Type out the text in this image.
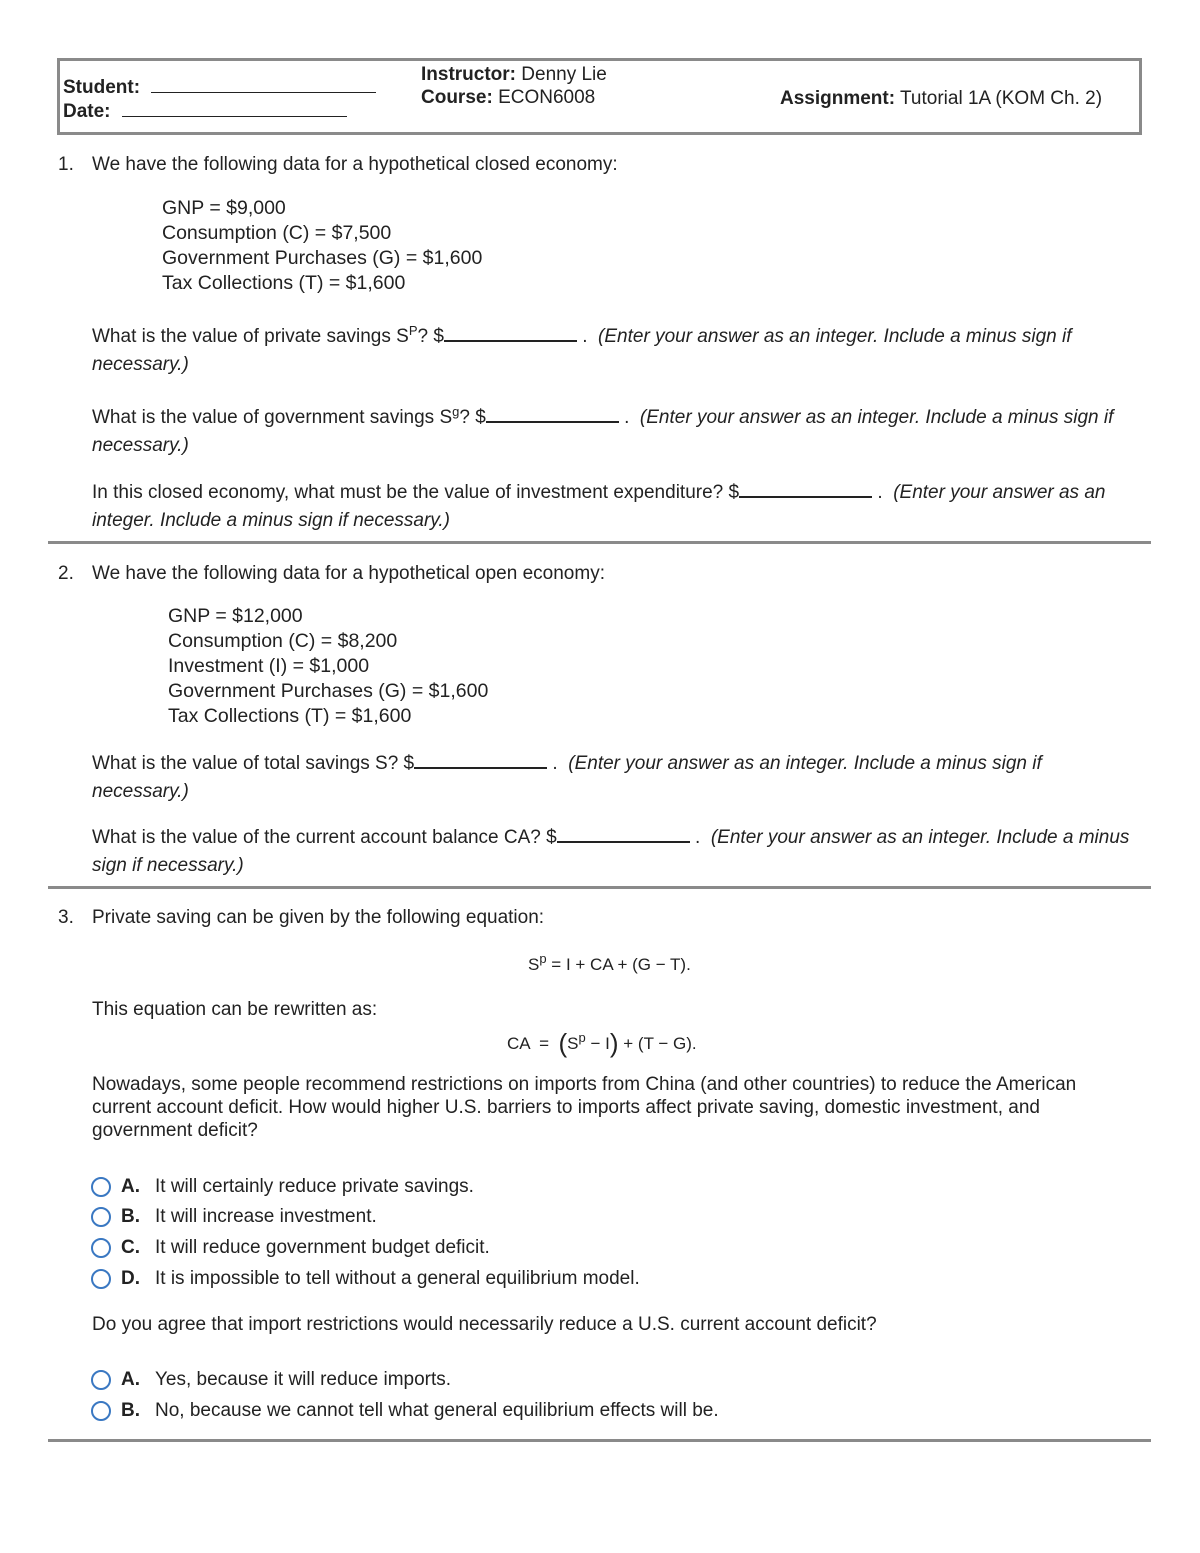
Student:
Date:
Instructor: Denny Lie
Course: ECON6008	Assignment: Tutorial 1A (KOM Ch. 2)
1. We have the following data for a hypothetical closed economy:
GNP = $9,000
Consumption (C) = $7,500
Government Purchases (G) = $1,600
Tax Collections (T) = $1,600
What is the value of private savings $S^P$? $	.  (Enter your answer as an integer. Include a minus sign if
necessary.)
What is the value of government savings $S^g$? $	.  (Enter your answer as an integer. Include a minus sign if
necessary.)
In this closed economy, what must be the value of investment expenditure? $	.  (Enter your answer as an
integer. Include a minus sign if necessary.)
2. We have the following data for a hypothetical open economy:
GNP = $12,000
Consumption (C) = $8,200
Investment (I) = $1,000
Government Purchases (G) = $1,600
Tax Collections (T) = $1,600
What is the value of total savings S? $	.  (Enter your answer as an integer. Include a minus sign if
necessary.)
What is the value of the current account balance CA? $	.  (Enter your answer as an integer. Include a minus
sign if necessary.)
3. Private saving can be given by the following equation:
$S^p = I$ + CA + (G − T).
This equation can be rewritten as:
CA  =  $(S^p - I) + (T - G)$.
Nowadays, some people recommend restrictions on imports from China (and other countries) to reduce the American
current account deficit. How would higher U.S. barriers to imports affect private saving, domestic investment, and
government deficit?
A. It will certainly reduce private savings.
B. It will increase investment.
C. It will reduce government budget deficit.
D. It is impossible to tell without a general equilibrium model.
Do you agree that import restrictions would necessarily reduce a U.S. current account deficit?
A. Yes, because it will reduce imports.
B. No, because we cannot tell what general equilibrium effects will be.
